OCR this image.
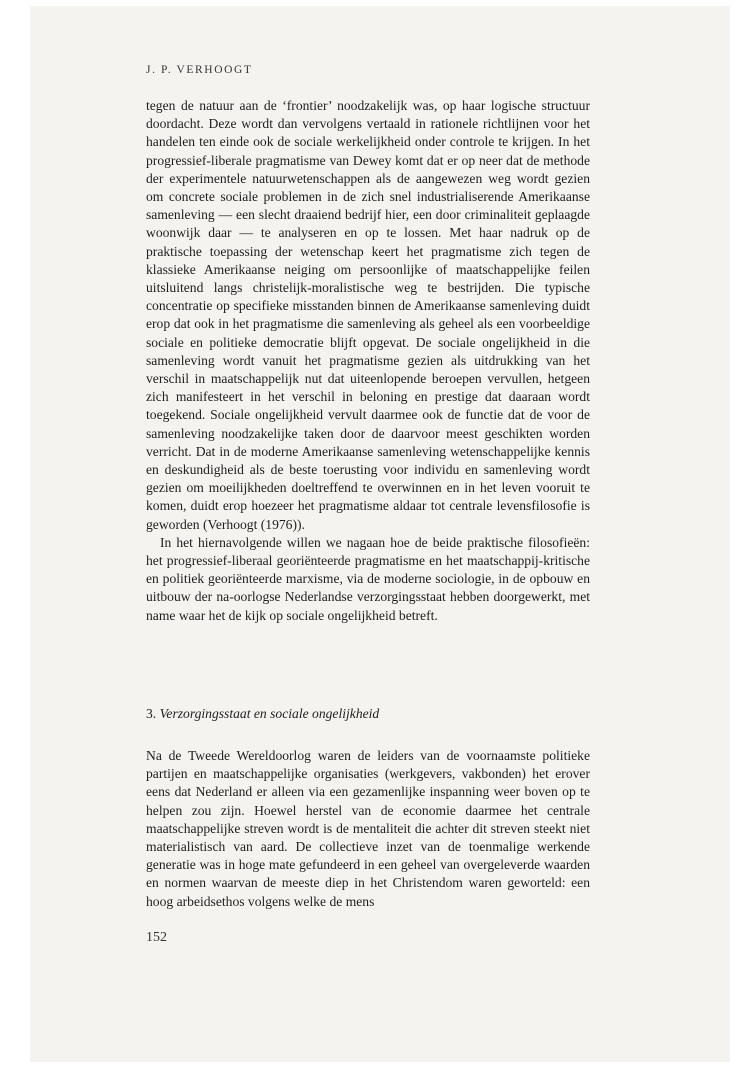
J. P. VERHOOGT

tegen de natuur aan de ‘frontier’ noodzakelijk was, op haar logische structuur doordacht. Deze wordt dan vervolgens vertaald in rationele richtlijnen voor het handelen ten einde ook de sociale werkelijkheid onder controle te krijgen. In het progressief-liberale pragmatisme van Dewey komt dat er op neer dat de methode der experimentele natuurwetenschappen als de aangewezen weg wordt gezien om concrete sociale problemen in de zich snel industrialiserende Amerikaanse samenleving — een slecht draaiend bedrijf hier, een door criminaliteit geplaagde woonwijk daar — te analyseren en op te lossen. Met haar nadruk op de praktische toepassing der wetenschap keert het pragmatisme zich tegen de klassieke Amerikaanse neiging om persoonlijke of maatschappelijke feilen uitsluitend langs christelijk-moralistische weg te bestrijden. Die typische concentratie op specifieke misstanden binnen de Amerikaanse samenleving duidt erop dat ook in het pragmatisme die samenleving als geheel als een voorbeeldige sociale en politieke democratie blijft opgevat. De sociale ongelijkheid in die samenleving wordt vanuit het pragmatisme gezien als uitdrukking van het verschil in maatschappelijk nut dat uiteenlopende beroepen vervullen, hetgeen zich manifesteert in het verschil in beloning en prestige dat daaraan wordt toegekend. Sociale ongelijkheid vervult daarmee ook de functie dat de voor de samenleving noodzakelijke taken door de daarvoor meest geschikten worden verricht. Dat in de moderne Amerikaanse samenleving wetenschappelijke kennis en deskundigheid als de beste toerusting voor individu en samenleving wordt gezien om moeilijkheden doeltreffend te overwinnen en in het leven vooruit te komen, duidt erop hoezeer het pragmatisme aldaar tot centrale levensfilosofie is geworden (Verhoogt (1976)).

In het hiernavolgende willen we nagaan hoe de beide praktische filosofieën: het progressief-liberaal georiënteerde pragmatisme en het maatschappij-kritische en politiek georiënteerde marxisme, via de moderne sociologie, in de opbouw en uitbouw der na-oorlogse Nederlandse verzorgingsstaat hebben doorgewerkt, met name waar het de kijk op sociale ongelijkheid betreft.

3. Verzorgingsstaat en sociale ongelijkheid
Na de Tweede Wereldoorlog waren de leiders van de voornaamste politieke partijen en maatschappelijke organisaties (werkgevers, vakbonden) het erover eens dat Nederland er alleen via een gezamenlijke inspanning weer boven op te helpen zou zijn. Hoewel herstel van de economie daarmee het centrale maatschappelijke streven wordt is de mentaliteit die achter dit streven steekt niet materialistisch van aard. De collectieve inzet van de toenmalige werkende generatie was in hoge mate gefundeerd in een geheel van overgeleverde waarden en normen waarvan de meeste diep in het Christendom waren geworteld: een hoog arbeidsethos volgens welke de mens
152
